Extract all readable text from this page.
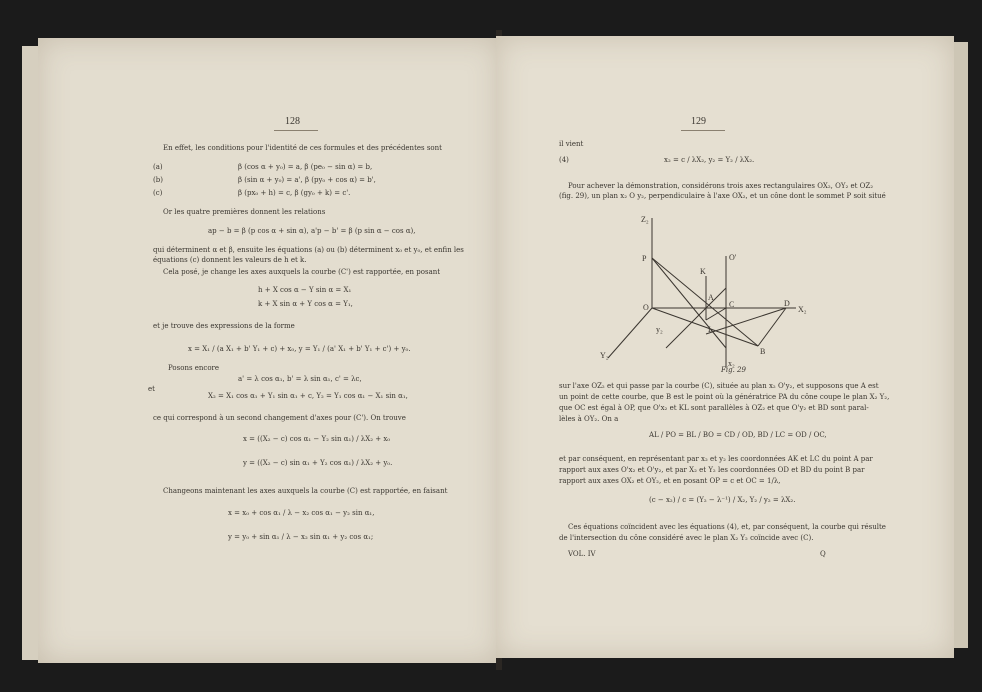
128
En effet, les conditions pour l'identité de ces formules et des précédentes sont
(a)	β (cos α + y₀) = a, β (pe₀ − sin α) = b,
(b)	β (sin α + y₀) = a', β (py₀ + cos α) = b',
(c)	β (px₀ + h) = c, β (gy₀ + k) = c'.
Or les quatre premières donnent les relations
ap − b = β (p cos α + sin α), a'p − b' = β (p sin α − cos α),
qui déterminent α et β, ensuite les équations (a) ou (b) déterminent x₀ et y₀, et enfin les
équations (c) donnent les valeurs de h et k.
Cela posé, je change les axes auxquels la courbe (C') est rapportée, en posant
h + X cos α − Y sin α = X₁
k + X sin α + Y cos α = Y₁,
et je trouve des expressions de la forme
x = X₁ / (a X₁ + b' Y₁ + c) + x₀, y = Y₁ / (a' X₁ + b' Y₁ + c') + y₀.
Posons encore
a' = λ cos α₁, b' = λ sin α₁, c' = λc,
et
X₂ = X₁ cos α₁ + Y₁ sin α₁ + c, Y₂ = Y₁ cos α₁ − X₁ sin α₁,
ce qui correspond à un second changement d'axes pour (C'). On trouve
x = ((X₂ − c) cos α₁ − Y₂ sin α₁) / λX₂ + x₀
y = ((X₂ − c) sin α₁ + Y₂ cos α₁) / λX₂ + y₀.
Changeons maintenant les axes auxquels la courbe (C) est rapportée, en faisant
x = x₀ + cos α₁ / λ − x₂ cos α₁ − y₂ sin α₁,
y = y₀ + sin α₁ / λ − x₂ sin α₁ + y₂ cos α₁;
129
il vient
(4)	x₂ = c / λX₂, y₂ = Y₂ / λX₂.
Pour achever la démonstration, considérons trois axes rectangulaires OX₂, OY₂ et OZ₂
(fig. 29), un plan x₂ O y₂, perpendiculaire à l'axe OX₂, et un cône dont le sommet P soit situé
Z₂
P
K
O'
A
O	C	D
X₂
y₂	L
B
x₂
Y₂
Fig. 29
sur l'axe OZ₂ et qui passe par la courbe (C), située au plan x₂ O'y₂, et supposons que A est
un point de cette courbe, que B est le point où la génératrice PA du cône coupe le plan X₂ Y₂,
que OC est égal à OP, que O'x₂ et KL sont parallèles à OZ₂ et que O'y₂ et BD sont paral-
lèles à OY₂. On a
AL / PO = BL / BO = CD / OD, BD / LC = OD / OC,
et par conséquent, en représentant par x₂ et y₂ les coordonnées AK et LC du point A par
rapport aux axes O'x₂ et O'y₂, et par X₂ et Y₂ les coordonnées OD et BD du point B par
rapport aux axes OX₂ et OY₂, et en posant OP = c et OC = 1/λ,
(c − x₂) / c = (Y₂ − λ⁻¹) / X₂, Y₂ / y₂ = λX₂.
Ces équations coïncident avec les équations (4), et, par conséquent, la courbe qui résulte
de l'intersection du cône considéré avec le plan X₂ Y₂ coïncide avec (C).
VOL. IV	Q
